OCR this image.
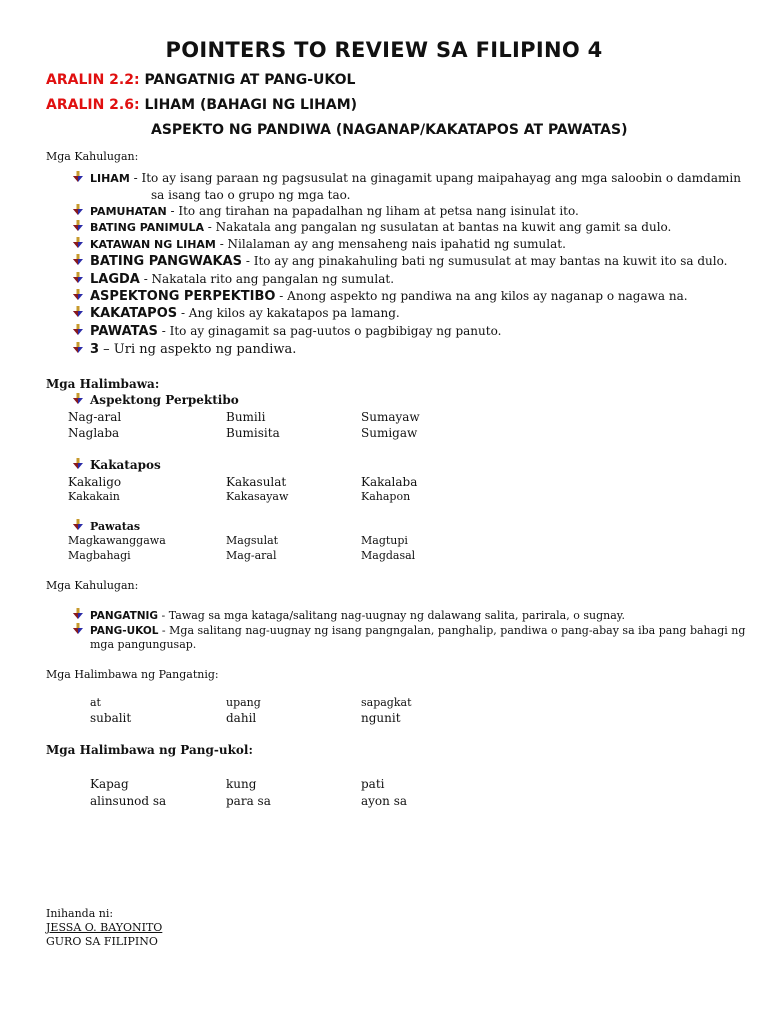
POINTERS TO REVIEW SA FILIPINO 4
ARALIN 2.2: PANGATNIG AT PANG-UKOL
ARALIN 2.6: LIHAM (BAHAGI NG LIHAM)
ASPEKTO NG PANDIWA (NAGANAP/KAKATAPOS AT PAWATAS)
Mga Kahulugan:
LIHAM - Ito ay isang paraan ng pagsusulat na ginagamit upang maipahayag ang mga saloobin o damdamin
sa isang tao o grupo ng mga tao.
PAMUHATAN - Ito ang tirahan na papadalhan ng liham at petsa nang isinulat ito.
BATING PANIMULA - Nakatala ang pangalan ng susulatan at bantas na kuwit ang gamit sa dulo.
KATAWAN NG LIHAM - Nilalaman ay ang mensaheng nais ipahatid ng sumulat.
BATING PANGWAKAS - Ito ay ang pinakahuling bati ng sumusulat at may bantas na kuwit ito sa dulo.
LAGDA - Nakatala rito ang pangalan ng sumulat.
ASPEKTONG PERPEKTIBO - Anong aspekto ng pandiwa na ang kilos ay naganap o nagawa na.
KAKATAPOS - Ang kilos ay kakatapos pa lamang.
PAWATAS - Ito ay ginagamit sa pag-uutos o pagbibigay ng panuto.
3 – Uri ng aspekto ng pandiwa.
Mga Halimbawa:
Aspektong Perpektibo
Nag-aral	Bumili	Sumayaw
Naglaba	Bumisita	Sumigaw
Kakatapos
Kakaligo	Kakasulat	Kakalaba
Kakakain	Kakasayaw	Kahapon
Pawatas
Magkawanggawa	Magsulat	Magtupi
Magbahagi	Mag-aral	Magdasal
Mga Kahulugan:
PANGATNIG - Tawag sa mga kataga/salitang nag-uugnay ng dalawang salita, parirala, o sugnay.
PANG-UKOL - Mga salitang nag-uugnay ng isang pangngalan, panghalip, pandiwa o pang-abay sa iba pang bahagi ng
mga pangungusap.
Mga Halimbawa ng Pangatnig:
at	upang	sapagkat
subalit	dahil	ngunit
Mga Halimbawa ng Pang-ukol:
Kapag	kung	pati
alinsunod sa	para sa	ayon sa
Inihanda ni:
JESSA O. BAYONITO
GURO SA FILIPINO
